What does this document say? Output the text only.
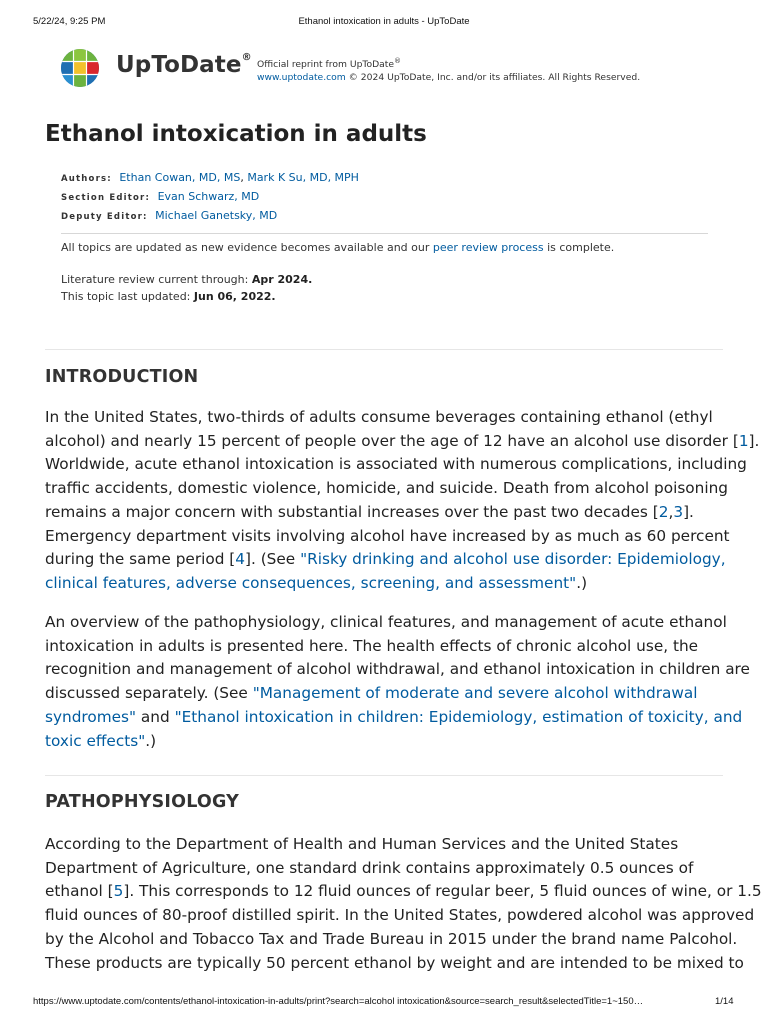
5/22/24, 9:25 PM	Ethanol intoxication in adults - UpToDate
UpToDate®
Official reprint from UpToDate®
www.uptodate.com © 2024 UpToDate, Inc. and/or its affiliates. All Rights Reserved.
Ethanol intoxication in adults
Authors: Ethan Cowan, MD, MS, Mark K Su, MD, MPH
Section Editor: Evan Schwarz, MD
Deputy Editor: Michael Ganetsky, MD
All topics are updated as new evidence becomes available and our peer review process is complete.
Literature review current through: Apr 2024.
This topic last updated: Jun 06, 2022.
INTRODUCTION

In the United States, two-thirds of adults consume beverages containing ethanol (ethyl
alcohol) and nearly 15 percent of people over the age of 12 have an alcohol use disorder [1].
Worldwide, acute ethanol intoxication is associated with numerous complications, including
traffic accidents, domestic violence, homicide, and suicide. Death from alcohol poisoning
remains a major concern with substantial increases over the past two decades [2,3].
Emergency department visits involving alcohol have increased by as much as 60 percent
during the same period [4]. (See "Risky drinking and alcohol use disorder: Epidemiology,
clinical features, adverse consequences, screening, and assessment".)

An overview of the pathophysiology, clinical features, and management of acute ethanol
intoxication in adults is presented here. The health effects of chronic alcohol use, the
recognition and management of alcohol withdrawal, and ethanol intoxication in children are
discussed separately. (See "Management of moderate and severe alcohol withdrawal
syndromes" and "Ethanol intoxication in children: Epidemiology, estimation of toxicity, and
toxic effects".)

PATHOPHYSIOLOGY

According to the Department of Health and Human Services and the United States
Department of Agriculture, one standard drink contains approximately 0.5 ounces of
ethanol [5]. This corresponds to 12 fluid ounces of regular beer, 5 fluid ounces of wine, or 1.5
fluid ounces of 80-proof distilled spirit. In the United States, powdered alcohol was approved
by the Alcohol and Tobacco Tax and Trade Bureau in 2015 under the brand name Palcohol.
These products are typically 50 percent ethanol by weight and are intended to be mixed to

https://www.uptodate.com/contents/ethanol-intoxication-in-adults/print?search=alcohol intoxication&source=search_result&selectedTitle=1~150…	1/14
